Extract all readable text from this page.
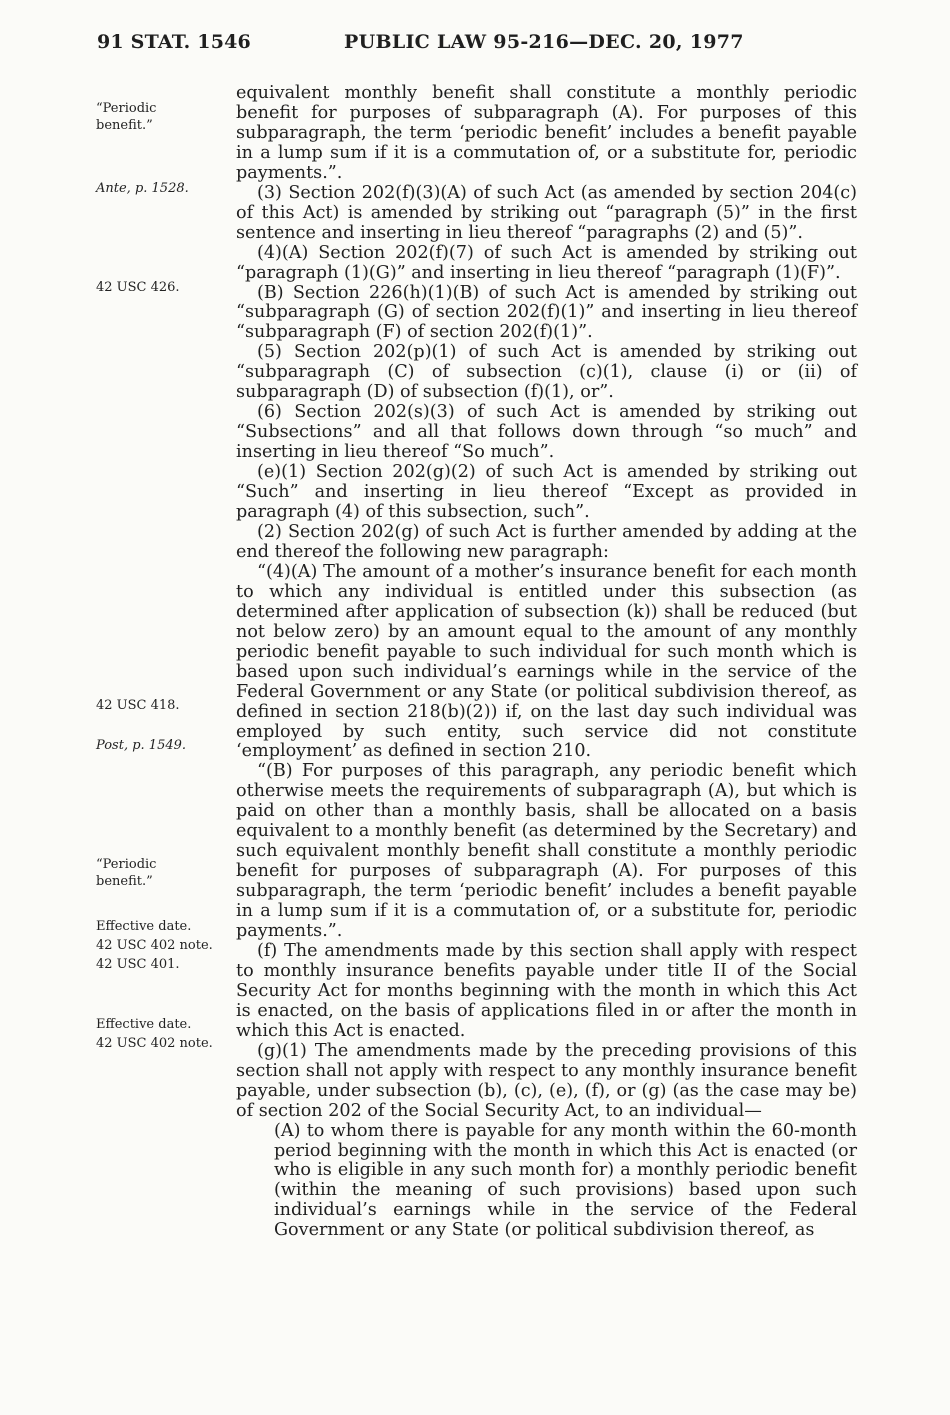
91 STAT. 1546	PUBLIC LAW 95-216—DEC. 20, 1977
“Periodic
benefit.”
Ante, p. 1528.
42 USC 426.
42 USC 418.
Post, p. 1549.
“Periodic
benefit.”
Effective date.
42 USC 402 note.
42 USC 401.
Effective date.
42 USC 402 note.

equivalent monthly benefit shall constitute a monthly periodic benefit for purposes of subparagraph (A). For purposes of this subparagraph, the term ‘periodic benefit’ includes a benefit payable in a lump sum if it is a commutation of, or a substitute for, periodic payments.”.

(3) Section 202(f)(3)(A) of such Act (as amended by section 204(c) of this Act) is amended by striking out “paragraph (5)” in the first sentence and inserting in lieu thereof “paragraphs (2) and (5)”.

(4)(A) Section 202(f)(7) of such Act is amended by striking out “paragraph (1)(G)” and inserting in lieu thereof “paragraph (1)(F)”.

(B) Section 226(h)(1)(B) of such Act is amended by striking out “subparagraph (G) of section 202(f)(1)” and inserting in lieu thereof “subparagraph (F) of section 202(f)(1)”.

(5) Section 202(p)(1) of such Act is amended by striking out “subparagraph (C) of subsection (c)(1), clause (i) or (ii) of subparagraph (D) of subsection (f)(1), or”.

(6) Section 202(s)(3) of such Act is amended by striking out “Subsections” and all that follows down through “so much” and inserting in lieu thereof “So much”.

(e)(1) Section 202(g)(2) of such Act is amended by striking out “Such” and inserting in lieu thereof “Except as provided in paragraph (4) of this subsection, such”.

(2) Section 202(g) of such Act is further amended by adding at the end thereof the following new paragraph:

“(4)(A) The amount of a mother’s insurance benefit for each month to which any individual is entitled under this subsection (as determined after application of subsection (k)) shall be reduced (but not below zero) by an amount equal to the amount of any monthly periodic benefit payable to such individual for such month which is based upon such individual’s earnings while in the service of the Federal Government or any State (or political subdivision thereof, as defined in section 218(b)(2)) if, on the last day such individual was employed by such entity, such service did not constitute ‘employment’ as defined in section 210.

“(B) For purposes of this paragraph, any periodic benefit which otherwise meets the requirements of subparagraph (A), but which is paid on other than a monthly basis, shall be allocated on a basis equivalent to a monthly benefit (as determined by the Secretary) and such equivalent monthly benefit shall constitute a monthly periodic benefit for purposes of subparagraph (A). For purposes of this subparagraph, the term ‘periodic benefit’ includes a benefit payable in a lump sum if it is a commutation of, or a substitute for, periodic payments.”.

(f) The amendments made by this section shall apply with respect to monthly insurance benefits payable under title II of the Social Security Act for months beginning with the month in which this Act is enacted, on the basis of applications filed in or after the month in which this Act is enacted.

(g)(1) The amendments made by the preceding provisions of this section shall not apply with respect to any monthly insurance benefit payable, under subsection (b), (c), (e), (f), or (g) (as the case may be) of section 202 of the Social Security Act, to an individual—

(A) to whom there is payable for any month within the 60-month period beginning with the month in which this Act is enacted (or who is eligible in any such month for) a monthly periodic benefit (within the meaning of such provisions) based upon such individual’s earnings while in the service of the Federal Government or any State (or political subdivision thereof, as
